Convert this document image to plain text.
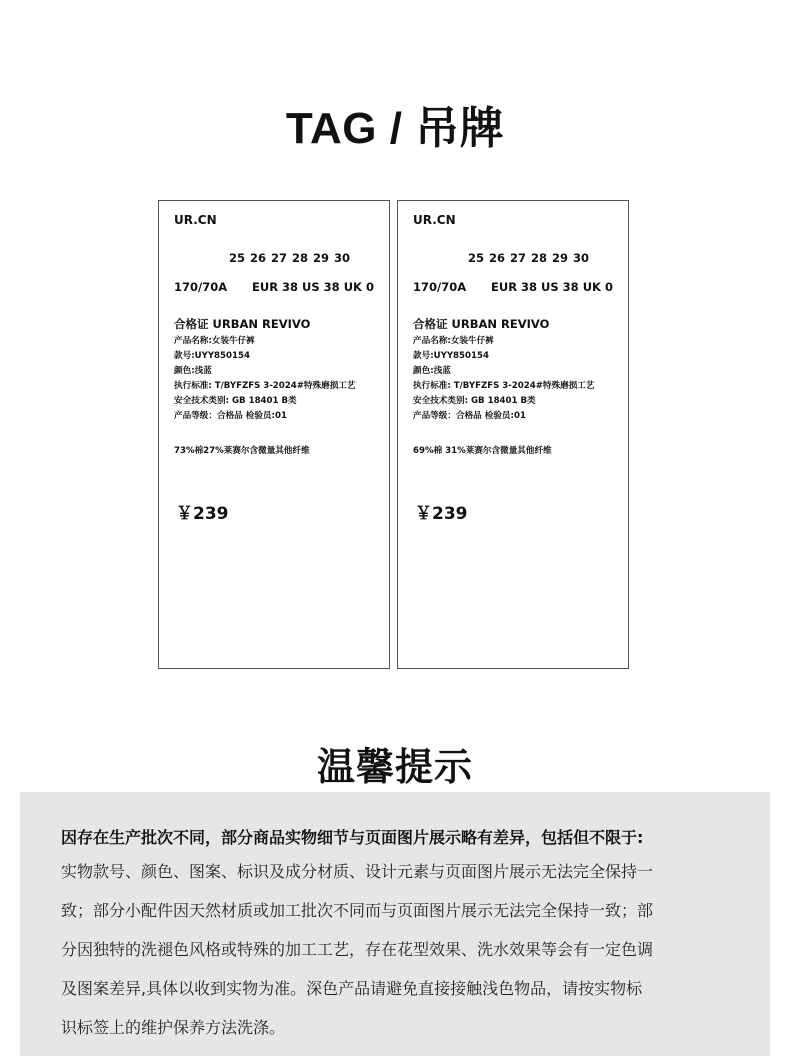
TAG / 吊牌
UR.CN
25 26 27 28 29 30
170/70A EUR 38 US 38 UK 0
合格证 URBAN REVIVO
产品名称:女装牛仔裤
款号:UYY850154
颜色:浅蓝
执行标准: T/BYFZFS 3-2024#特殊磨损工艺
安全技术类别: GB 18401 B类
产品等级：合格品 检验员:01
73%棉27%莱赛尔含微量其他纤维
￥239
UR.CN
25 26 27 28 29 30
170/70A EUR 38 US 38 UK 0
合格证 URBAN REVIVO
产品名称:女装牛仔裤
款号:UYY850154
颜色:浅蓝
执行标准: T/BYFZFS 3-2024#特殊磨损工艺
安全技术类别: GB 18401 B类
产品等级：合格品 检验员:01
69%棉 31%莱赛尔含微量其他纤维
￥239
温馨提示
因存在生产批次不同，部分商品实物细节与页面图片展示略有差异，包括但不限于:
实物款号、颜色、图案、标识及成分材质、设计元素与页面图片展示无法完全保持一
致；部分小配件因天然材质或加工批次不同而与页面图片展示无法完全保持一致；部
分因独特的洗褪色风格或特殊的加工工艺，存在花型效果、洗水效果等会有一定色调
及图案差异,具体以收到实物为准。深色产品请避免直接接触浅色物品，请按实物标
识标签上的维护保养方法洗涤。
